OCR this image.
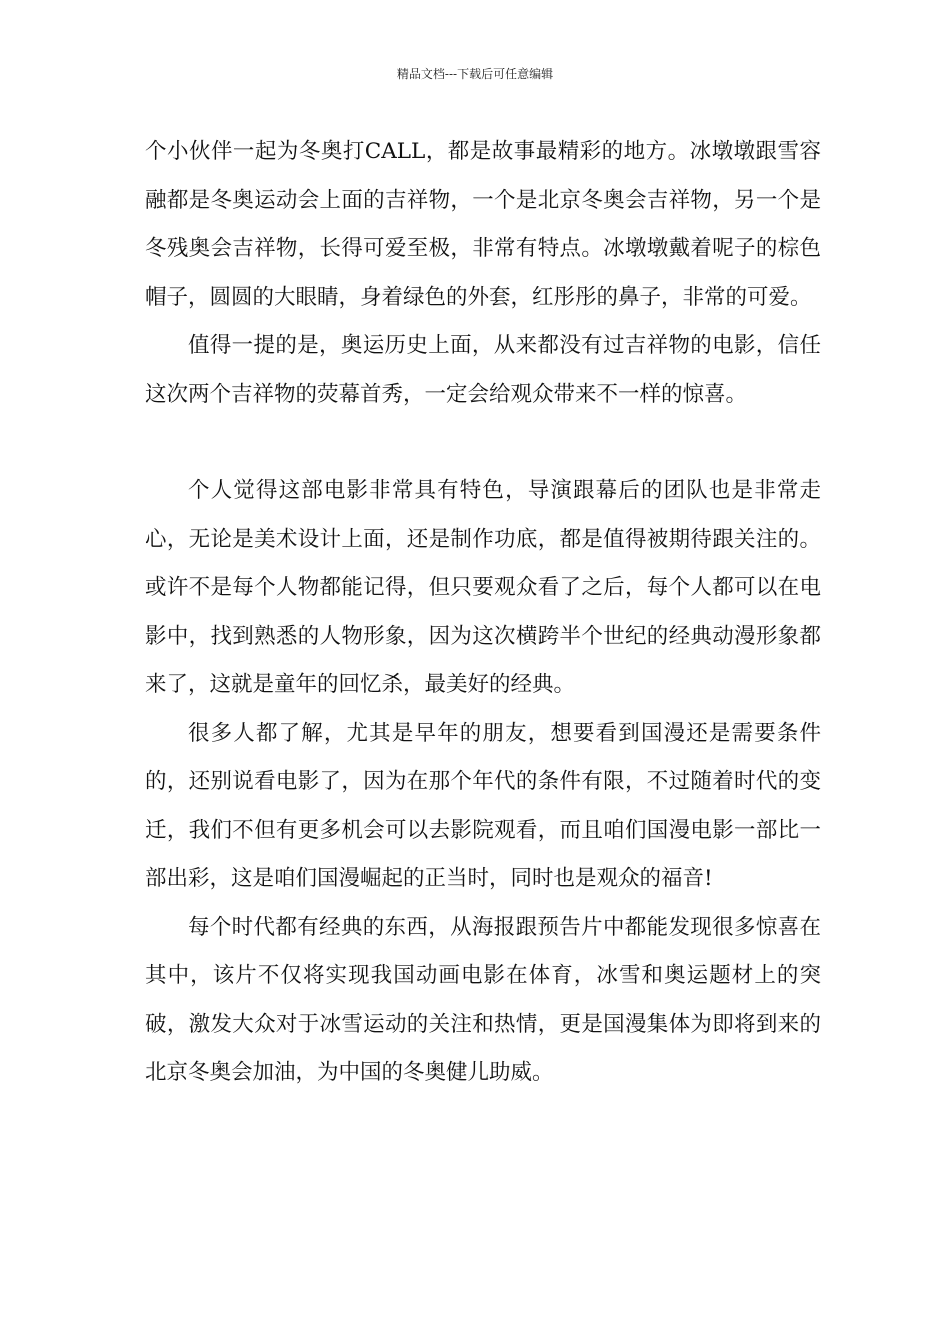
精品文档---下载后可任意编辑

个小伙伴一起为冬奥打CALL，都是故事最精彩的地方。冰墩墩跟雪容融都是冬奥运动会上面的吉祥物，一个是北京冬奥会吉祥物，另一个是冬残奥会吉祥物，长得可爱至极，非常有特点。冰墩墩戴着呢子的棕色帽子，圆圆的大眼睛，身着绿色的外套，红彤彤的鼻子，非常的可爱。

值得一提的是，奥运历史上面，从来都没有过吉祥物的电影，信任这次两个吉祥物的荧幕首秀，一定会给观众带来不一样的惊喜。

个人觉得这部电影非常具有特色，导演跟幕后的团队也是非常走心，无论是美术设计上面，还是制作功底，都是值得被期待跟关注的。或许不是每个人物都能记得，但只要观众看了之后，每个人都可以在电影中，找到熟悉的人物形象，因为这次横跨半个世纪的经典动漫形象都来了，这就是童年的回忆杀，最美好的经典。

很多人都了解，尤其是早年的朋友，想要看到国漫还是需要条件的，还别说看电影了，因为在那个年代的条件有限，不过随着时代的变迁，我们不但有更多机会可以去影院观看，而且咱们国漫电影一部比一部出彩，这是咱们国漫崛起的正当时，同时也是观众的福音!

每个时代都有经典的东西，从海报跟预告片中都能发现很多惊喜在其中，该片不仅将实现我国动画电影在体育，冰雪和奥运题材上的突破，激发大众对于冰雪运动的关注和热情，更是国漫集体为即将到来的北京冬奥会加油，为中国的冬奥健儿助威。
